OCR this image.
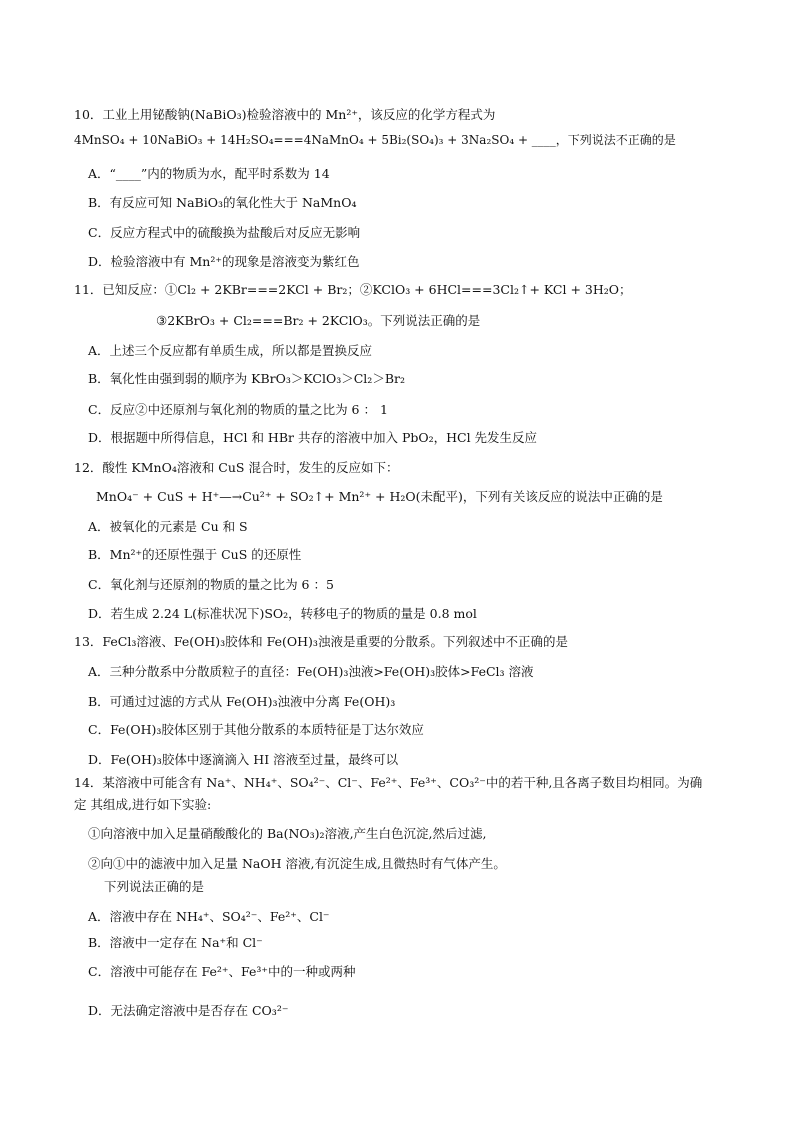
10．工业上用铋酸钠(NaBiO₃)检验溶液中的 Mn²⁺，该反应的化学方程式为
4MnSO₄ + 10NaBiO₃ + 14H₂SO₄===4NaMnO₄ + 5Bi₂(SO₄)₃ + 3Na₂SO₄ + ____，下列说法不正确的是
A．“____”内的物质为水，配平时系数为 14
B．有反应可知 NaBiO₃的氧化性大于 NaMnO₄
C．反应方程式中的硫酸换为盐酸后对反应无影响
D．检验溶液中有 Mn²⁺的现象是溶液变为紫红色
11．已知反应：①Cl₂ + 2KBr===2KCl + Br₂；②KClO₃ + 6HCl===3Cl₂↑+ KCl + 3H₂O；
③2KBrO₃ + Cl₂===Br₂ + 2KClO₃。下列说法正确的是
A．上述三个反应都有单质生成，所以都是置换反应
B．氧化性由强到弱的顺序为 KBrO₃＞KClO₃＞Cl₂＞Br₂
C．反应②中还原剂与氧化剂的物质的量之比为 6 ： 1
D．根据题中所得信息，HCl 和 HBr 共存的溶液中加入 PbO₂，HCl 先发生反应
12．酸性 KMnO₄溶液和 CuS 混合时，发生的反应如下：
MnO₄⁻ + CuS + H⁺—→Cu²⁺ + SO₂↑+ Mn²⁺ + H₂O(未配平)，下列有关该反应的说法中正确的是
A．被氧化的元素是 Cu 和 S
B．Mn²⁺的还原性强于 CuS 的还原性
C．氧化剂与还原剂的物质的量之比为 6 ：5
D．若生成 2.24 L(标准状况下)SO₂，转移电子的物质的量是 0.8 mol
13．FeCl₃溶液、Fe(OH)₃胶体和 Fe(OH)₃浊液是重要的分散系。下列叙述中不正确的是
A．三种分散系中分散质粒子的直径：Fe(OH)₃浊液>Fe(OH)₃胶体>FeCl₃ 溶液
B．可通过过滤的方式从 Fe(OH)₃浊液中分离 Fe(OH)₃
C．Fe(OH)₃胶体区别于其他分散系的本质特征是丁达尔效应
D．Fe(OH)₃胶体中逐滴滴入 HI 溶液至过量，最终可以
14．某溶液中可能含有 Na⁺、NH₄⁺、SO₄²⁻、Cl⁻、Fe²⁺、Fe³⁺、CO₃²⁻中的若干种,且各离子数目均相同。为确
定 其组成,进行如下实验:
①向溶液中加入足量硝酸酸化的 Ba(NO₃)₂溶液,产生白色沉淀,然后过滤,
②向①中的滤液中加入足量 NaOH 溶液,有沉淀生成,且微热时有气体产生。
下列说法正确的是
A．溶液中存在 NH₄⁺、SO₄²⁻、Fe²⁺、Cl⁻
B．溶液中一定存在 Na⁺和 Cl⁻
C．溶液中可能存在 Fe²⁺、Fe³⁺中的一种或两种
D．无法确定溶液中是否存在 CO₃²⁻
